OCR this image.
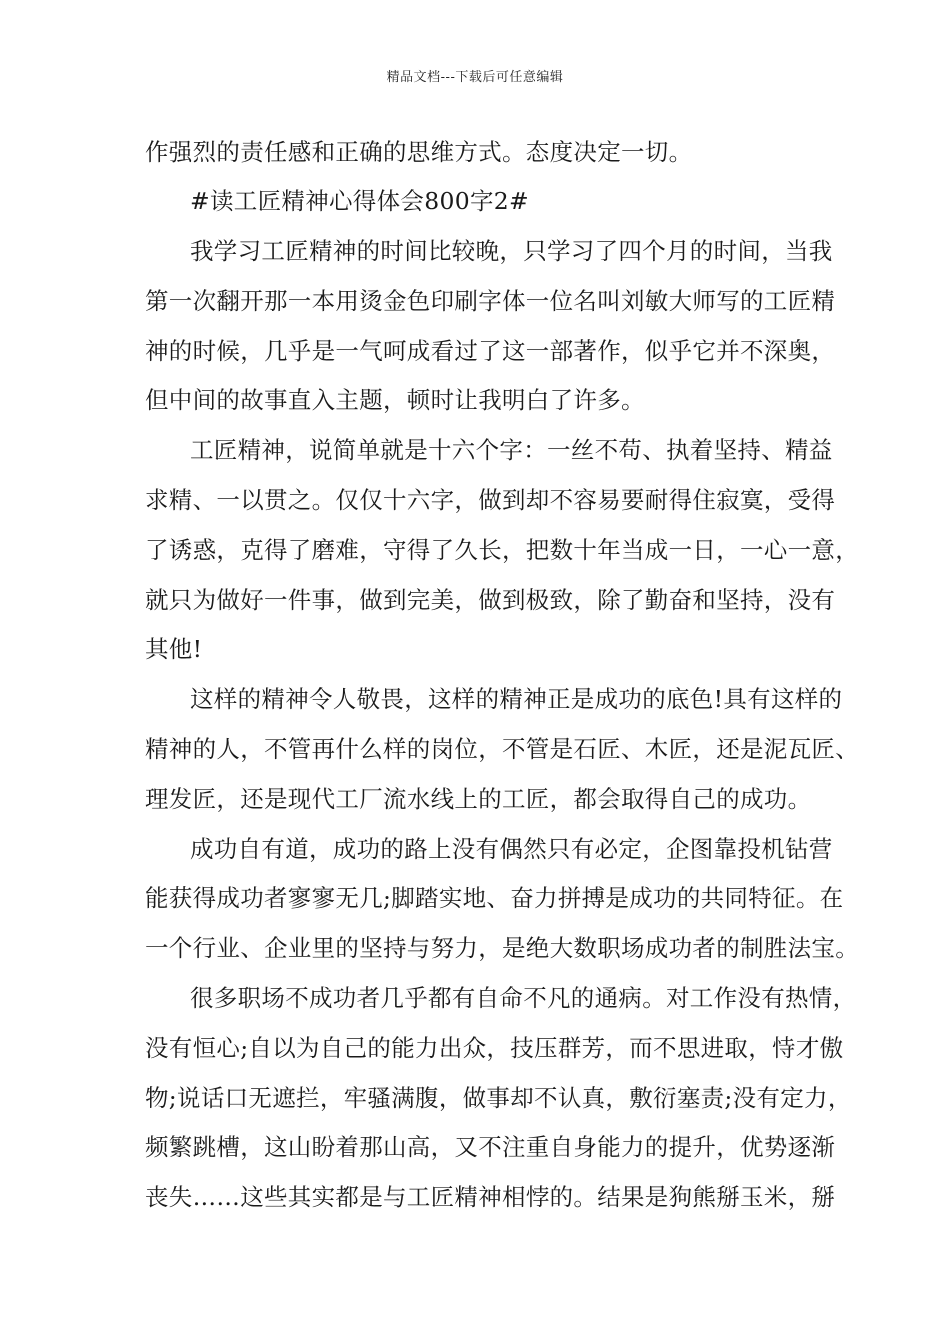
精品文档---下载后可任意编辑
作强烈的责任感和正确的思维方式。态度决定一切。
#读工匠精神心得体会800字2#
我学习工匠精神的时间比较晚，只学习了四个月的时间，当我
第一次翻开那一本用烫金色印刷字体一位名叫刘敏大师写的工匠精
神的时候，几乎是一气呵成看过了这一部著作，似乎它并不深奥，
但中间的故事直入主题，顿时让我明白了许多。
工匠精神，说简单就是十六个字：一丝不苟、执着坚持、精益
求精、一以贯之。仅仅十六字，做到却不容易要耐得住寂寞，受得
了诱惑，克得了磨难，守得了久长，把数十年当成一日，一心一意，
就只为做好一件事，做到完美，做到极致，除了勤奋和坚持，没有
其他!
这样的精神令人敬畏，这样的精神正是成功的底色!具有这样的
精神的人，不管再什么样的岗位，不管是石匠、木匠，还是泥瓦匠、
理发匠，还是现代工厂流水线上的工匠，都会取得自己的成功。
成功自有道，成功的路上没有偶然只有必定，企图靠投机钻营
能获得成功者寥寥无几;脚踏实地、奋力拼搏是成功的共同特征。在
一个行业、企业里的坚持与努力，是绝大数职场成功者的制胜法宝。
很多职场不成功者几乎都有自命不凡的通病。对工作没有热情，
没有恒心;自以为自己的能力出众，技压群芳，而不思进取，恃才傲
物;说话口无遮拦，牢骚满腹，做事却不认真，敷衍塞责;没有定力，
频繁跳槽，这山盼着那山高，又不注重自身能力的提升，优势逐渐
丧失……这些其实都是与工匠精神相悖的。结果是狗熊掰玉米，掰
